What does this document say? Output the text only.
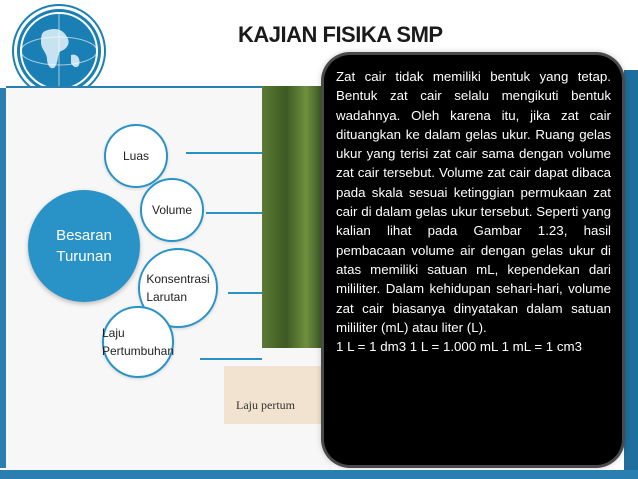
KAJIAN FISIKA SMP
Laju pertum
Besaran
Turunan
Luas
Volume
Konsentrasi
Larutan
Laju
Pertumbuhan

Zat cair tidak memiliki bentuk yang tetap. Bentuk zat cair selalu mengikuti bentuk wadahnya. Oleh karena itu, jika zat cair dituangkan ke dalam gelas ukur. Ruang gelas ukur yang terisi zat cair sama dengan volume zat cair tersebut. Volume zat cair dapat dibaca pada skala sesuai ketinggian permukaan zat cair di dalam gelas ukur tersebut. Seperti yang kalian lihat pada Gambar 1.23, hasil pembacaan volume air dengan gelas ukur di atas memiliki satuan mL, kependekan dari mililiter. Dalam kehidupan sehari-hari, volume zat cair biasanya dinyatakan dalam satuan mililiter (mL) atau liter (L).
1 L = 1 dm3 1 L = 1.000 mL 1 mL = 1 cm3
